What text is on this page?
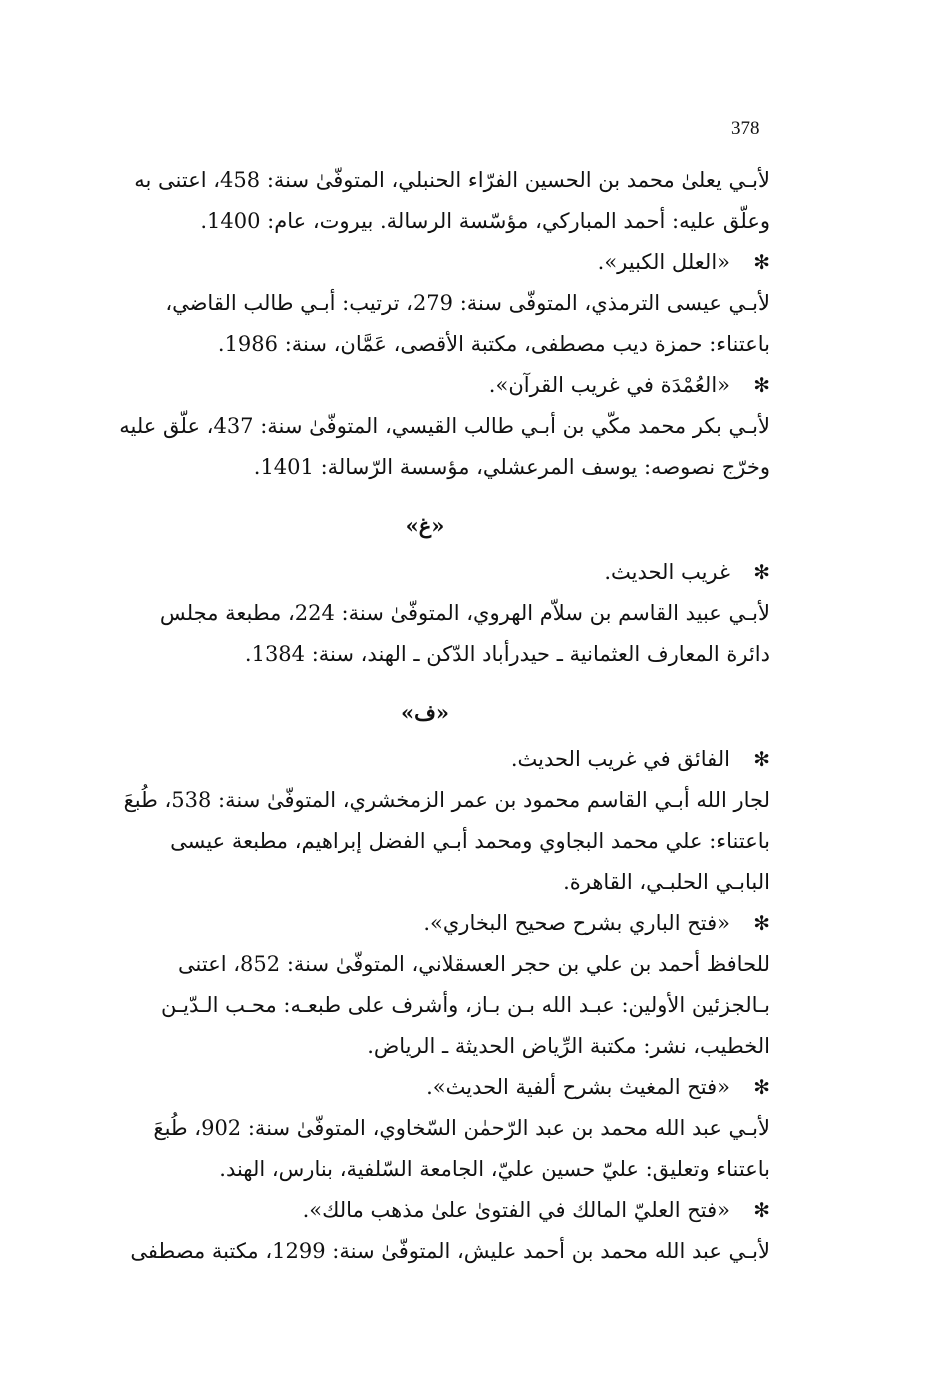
378
لأبـي يعلىٰ محمد بن الحسين الفرّاء الحنبلي، المتوفّىٰ سنة: 458، اعتنى به
وعلّق عليه: أحمد المباركي، مؤسّسة الرسالة. بيروت، عام: 1400.
✻
«العلل الكبير».
لأبـي عيسى الترمذي، المتوفّى سنة: 279، ترتيب: أبـي طالب القاضي،
باعتناء: حمزة ديب مصطفى، مكتبة الأقصى، عَمَّان، سنة: 1986.
✻
«العُمْدَة في غريب القرآن».
لأبـي بكر محمد مكّي بن أبـي طالب القيسي، المتوفّىٰ سنة: 437، علّق عليه
وخرّج نصوصه: يوسف المرعشلي، مؤسسة الرّسالة: 1401.
«غ»
✻
غريب الحديث.
لأبـي عبيد القاسم بن سلاّم الهروي، المتوفّىٰ سنة: 224، مطبعة مجلس
دائرة المعارف العثمانية ـ حيدرأباد الدّكن ـ الهند، سنة: 1384.
«ف»
✻
الفائق في غريب الحديث.
لجار الله أبـي القاسم محمود بن عمر الزمخشري، المتوفّىٰ سنة: 538، طُبعَ
باعتناء: علي محمد البجاوي ومحمد أبـي الفضل إبراهيم، مطبعة عيسى
البابـي الحلبـي، القاهرة.
✻
«فتح الباري بشرح صحيح البخاري».
للحافظ أحمد بن علي بن حجر العسقلاني، المتوفّىٰ سنة: 852، اعتنى
بـالجزئين الأولين: عبـد الله بـن بـاز، وأشرف على طبعـه: محـب الـدّيـن
الخطيب، نشر: مكتبة الرِّياض الحديثة ـ الرياض.
✻
«فتح المغيث بشرح ألفية الحديث».
لأبـي عبد الله محمد بن عبد الرّحمٰن السّخاوي، المتوفّىٰ سنة: 902، طُبعَ
باعتناء وتعليق: عليّ حسين عليّ، الجامعة السّلفية، بنارس، الهند.
✻
«فتح العليّ المالك في الفتوىٰ علىٰ مذهب مالك».
لأبـي عبد الله محمد بن أحمد عليش، المتوفّىٰ سنة: 1299، مكتبة مصطفى
